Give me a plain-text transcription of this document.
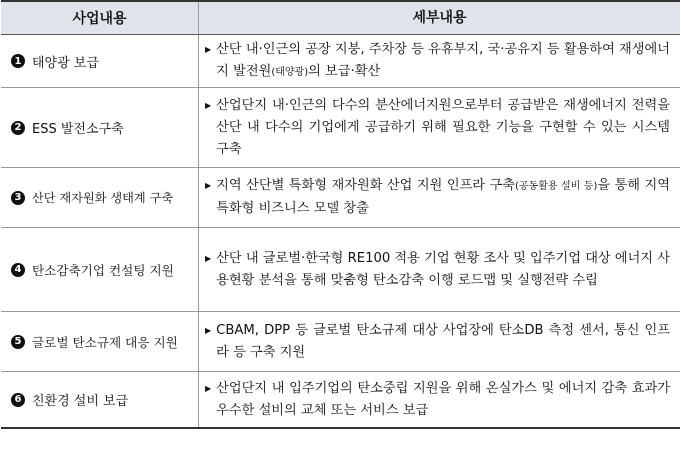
사업내용	세부내용
1 태양광 보급
▶ 산단 내·인근의 공장 지붕, 주차장 등 유휴부지, 국·공유지 등 활용하여 재생에너지 발전원(태양광)의 보급·확산
2 ESS 발전소구축
▶ 산업단지 내·인근의 다수의 분산에너지원으로부터 공급받은 재생에너지 전력을 산단 내 다수의 기업에게 공급하기 위해 필요한 기능을 구현할 수 있는 시스템 구축
3 산단 재자원화 생태계 구축
▶ 지역 산단별 특화형 재자원화 산업 지원 인프라 구축(공동활용 설비 등)을 통해 지역 특화형 비즈니스 모델 창출
4 탄소감축기업 컨설팅 지원
▶ 산단 내 글로벌·한국형 RE100 적용 기업 현황 조사 및 입주기업 대상 에너지 사용현황 분석을 통해 맞춤형 탄소감축 이행 로드맵 및 실행전략 수립
5 글로벌 탄소규제 대응 지원
▶ CBAM, DPP 등 글로벌 탄소규제 대상 사업장에 탄소DB 측정 센서, 통신 인프라 등 구축 지원
6 친환경 설비 보급
▶ 산업단지 내 입주기업의 탄소중립 지원을 위해 온실가스 및 에너지 감축 효과가 우수한 설비의 교체 또는 서비스 보급
